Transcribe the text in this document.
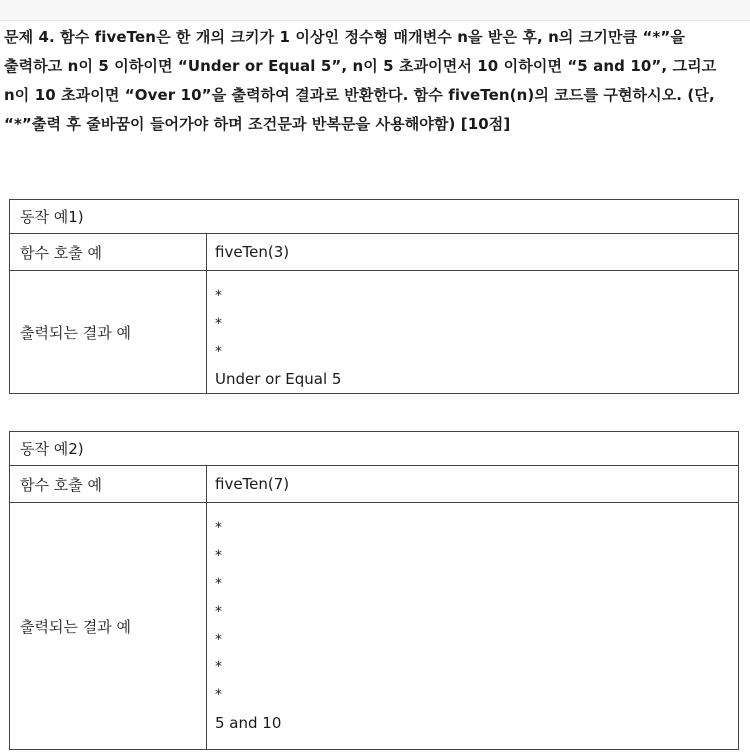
문제 4. 함수 fiveTen은 한 개의 크키가 1 이상인 정수형 매개변수 n을 받은 후, n의 크기만큼 “*”을 출력하고 n이 5 이하이면 “Under or Equal 5”, n이 5 초과이면서 10 이하이면 “5 and 10”, 그리고 n이 10 초과이면 “Over 10”을 출력하여 결과로 반환한다. 함수 fiveTen(n)의 코드를 구현하시오. (단, “*”출력 후 줄바꿈이 들어가야 하며 조건문과 반복문을 사용해야함) [10점]
동작 예1)
함수 호출 예	fiveTen(3)
출력되는 결과 예
*
*
*
Under or Equal 5
동작 예2)
함수 호출 예	fiveTen(7)
출력되는 결과 예
*
*
*
*
*
*
*
5 and 10
